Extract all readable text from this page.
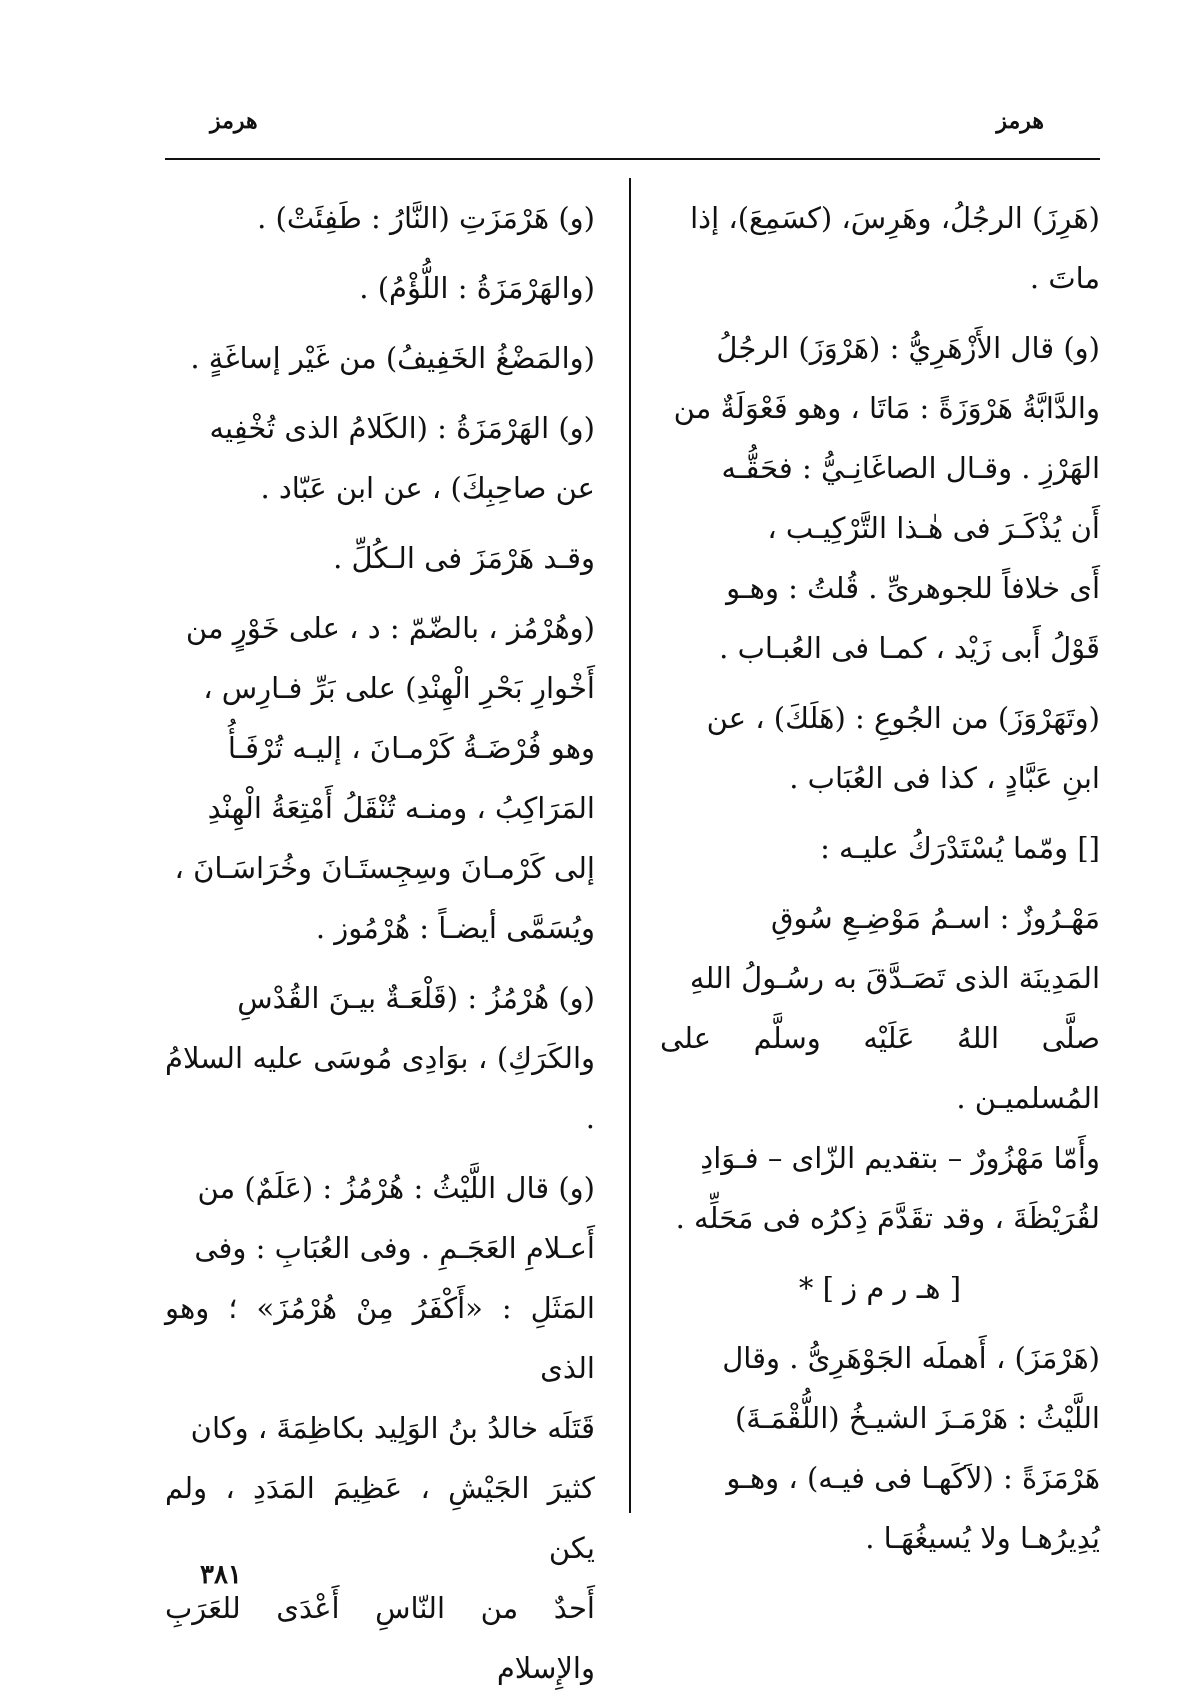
هرمز
هرمز

(هَرِزَ) الرجُلُ، وهَرِسَ، (كسَمِعَ)، إذا

ماتَ .

(و) قال الأَزْهَرِيُّ : (هَرْوَزَ) الرجُلُ

والدَّابَّةُ هَرْوَزَةً : مَاتَا ، وهو فَعْوَلَةٌ من

الهَرْزِ . وقـال الصاغَانِـيُّ : فحَقُّـه

أَن يُذْكَـرَ فى هٰـذا التَّرْكِيـب ،

أَى خلافاً للجوهرىِّ . قُلتُ : وهـو

قَوْلُ أَبى زَيْد ، كمـا فى العُبـاب .

(وتَهَرْوَزَ) من الجُوعِ : (هَلَكَ) ، عن

ابنِ عَبَّادٍ ، كذا فى العُبَاب .

[] ومّما يُسْتَدْرَكُ عليـه :

مَهْـرُوزٌ : اسـمُ مَوْضِـعِ سُوقِ

المَدِينَة الذى تَصَـدَّقَ به رسُـولُ اللهِ

صلَّى اللهُ عَلَيْه وسلَّم على المُسلميـن .

وأَمّا مَهْزُورٌ – بتقديم الزّاى – فـوَادِ

لقُرَيْظَةَ ، وقد تقَدَّمَ ذِكرُه فى مَحَلِّه .

[ هـ ر م ز ] *

(هَرْمَزَ) ، أَهملَه الجَوْهَرِىُّ . وقال

اللَّيْثُ : هَرْمَـزَ الشيـخُ (اللُّقْمَـةَ)

هَرْمَزَةً : (لاَكَهـا فى فيـه) ، وهـو

يُدِيرُهـا ولا يُسيغُهَـا .

(و) هَرْمَزَتِ (النَّارُ : طَفِئَتْ) .

(والهَرْمَزَةُ : اللُّؤْمُ) .

(والمَضْغُ الخَفِيفُ) من غَيْر إساغَةٍ .

(و) الهَرْمَزَةُ : (الكَلامُ الذى تُخْفِيه

عن صاحِبِكَ) ، عن ابن عَبّاد .

وقـد هَرْمَزَ فى الـكُلِّ .

(وهُرْمُز ، بالضّمّ : د ، على خَوْرٍ من

أَخْوارِ بَحْرِ الْهِنْدِ) على بَرِّ فـارِس ،

وهو فُرْضَـةُ كَرْمـانَ ، إليـه تُرْفَـأُ

المَرَاكِبُ ، ومنـه تُنْقَلُ أَمْتِعَةُ الْهِنْدِ

إلى كَرْمـانَ وسِجِستَـانَ وخُرَاسَـانَ ،

ويُسَمَّى أيضـاً : هُرْمُوز .

(و) هُرْمُزُ : (قَلْعَـةٌ بيـنَ القُدْسِ

والكَرَكِ) ، بوَادِى مُوسَى عليه السلامُ .

(و) قال اللَّيْثُ : هُرْمُزُ : (عَلَمٌ) من

أَعـلامِ العَجَـمِ . وفى العُبَابِ : وفى

المَثَلِ : «أَكْفَرُ مِنْ هُرْمُزَ» ؛ وهو الذى

قَتَلَه خالدُ بنُ الوَلِيد بكاظِمَةَ ، وكان

كثيرَ الجَيْشِ ، عَظِيمَ المَدَدِ ، ولم يكن

أَحدٌ من النّاسِ أَعْدَى للعَرَبِ والإِسلام

٣٨١
